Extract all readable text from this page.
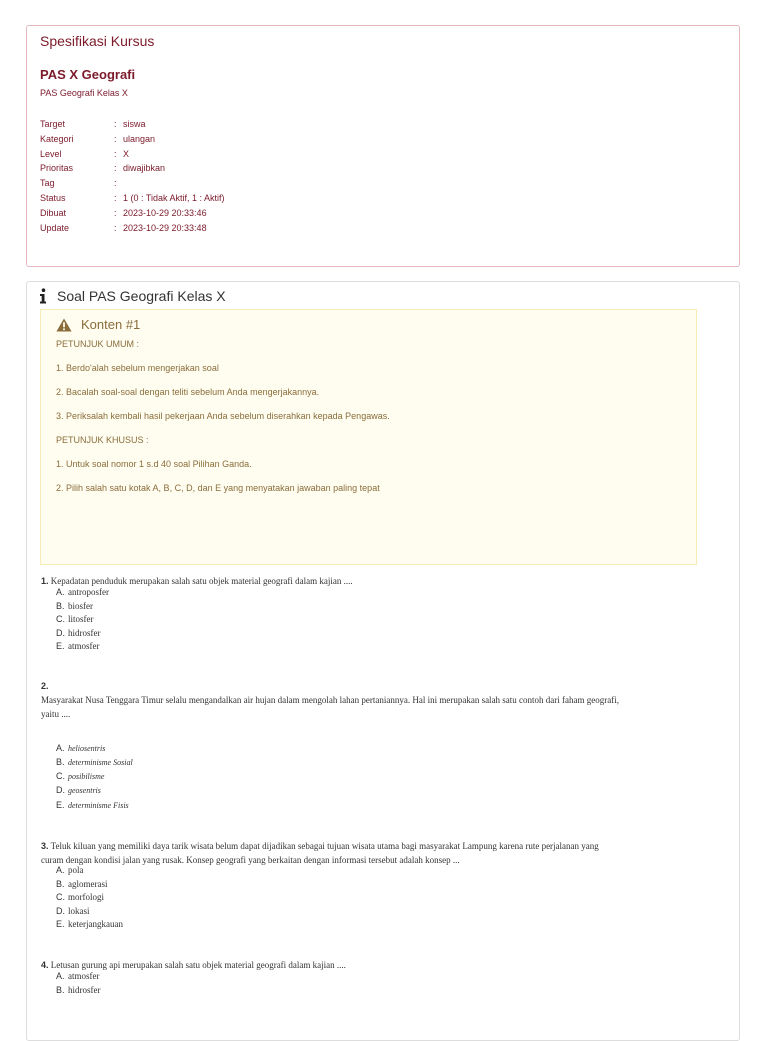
Spesifikasi Kursus
PAS X Geografi
PAS Geografi Kelas X
Target	: siswa
Kategori	: ulangan
Level	: X
Prioritas	: diwajibkan
Tag	:
Status	: 1 (0 : Tidak Aktif, 1 : Aktif)
Dibuat	: 2023-10-29 20:33:46
Update	: 2023-10-29 20:33:48
Soal PAS Geografi Kelas X
Konten #1
PETUNJUK UMUM :
1. Berdo'alah sebelum mengerjakan soal
2. Bacalah soal-soal dengan teliti sebelum Anda mengerjakannya.
3. Periksalah kembali hasil pekerjaan Anda sebelum diserahkan kepada Pengawas.
PETUNJUK KHUSUS :
1. Untuk soal nomor 1 s.d 40 soal Pilihan Ganda.
2. Pilih salah satu kotak A, B, C, D, dan E yang menyatakan jawaban paling tepat
1. Kepadatan penduduk merupakan salah satu objek material geografi dalam kajian ....
A. antroposfer
B. biosfer
C. litosfer
D. hidrosfer
E. atmosfer
2.
Masyarakat Nusa Tenggara Timur selalu mengandalkan air hujan dalam mengolah lahan pertaniannya. Hal ini merupakan salah satu contoh dari faham geografi,
yaitu ....
A. heliosentris
B. determinisme Sosial
C. posibilisme
D. geosentris
E. determinisme Fisis
3. Teluk kiluan yang memiliki daya tarik wisata belum dapat dijadikan sebagai tujuan wisata utama bagi masyarakat Lampung karena rute perjalanan yang
curam dengan kondisi jalan yang rusak. Konsep geografi yang berkaitan dengan informasi tersebut adalah konsep ...
A. pola
B. aglomerasi
C. morfologi
D. lokasi
E. keterjangkauan
4. Letusan gurung api merupakan salah satu objek material geografi dalam kajian ....
A. atmosfer
B. hidrosfer
